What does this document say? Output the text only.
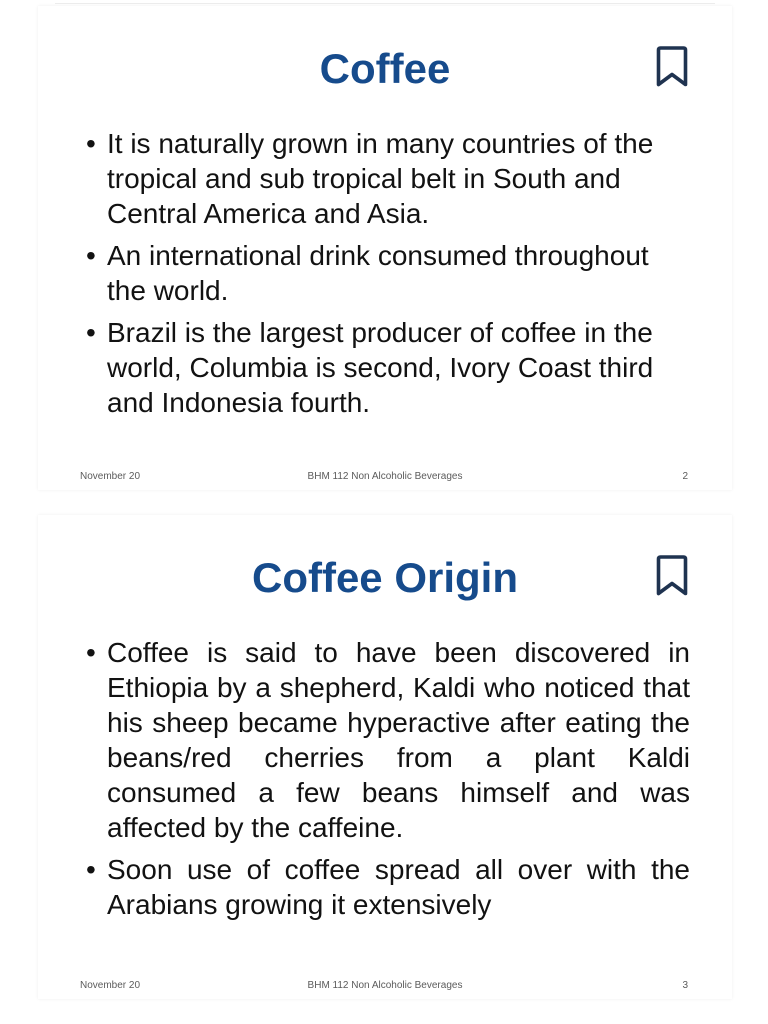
Coffee
• It is naturally grown in many countries of the
tropical and sub tropical belt in South and
Central America and Asia.
• An international drink consumed throughout
the world.
• Brazil is the largest producer of coffee in the
world, Columbia is second, Ivory Coast third
and Indonesia fourth.
November 20	BHM 112 Non Alcoholic Beverages	2
Coffee Origin
• Coffee is said to have been discovered in
Ethiopia by a shepherd, Kaldi who noticed that
his sheep became hyperactive after eating the
beans/red cherries from a plant Kaldi
consumed a few beans himself and was
affected by the caffeine.
• Soon use of coffee spread all over with the
Arabians growing it extensively
November 20	BHM 112 Non Alcoholic Beverages	3
